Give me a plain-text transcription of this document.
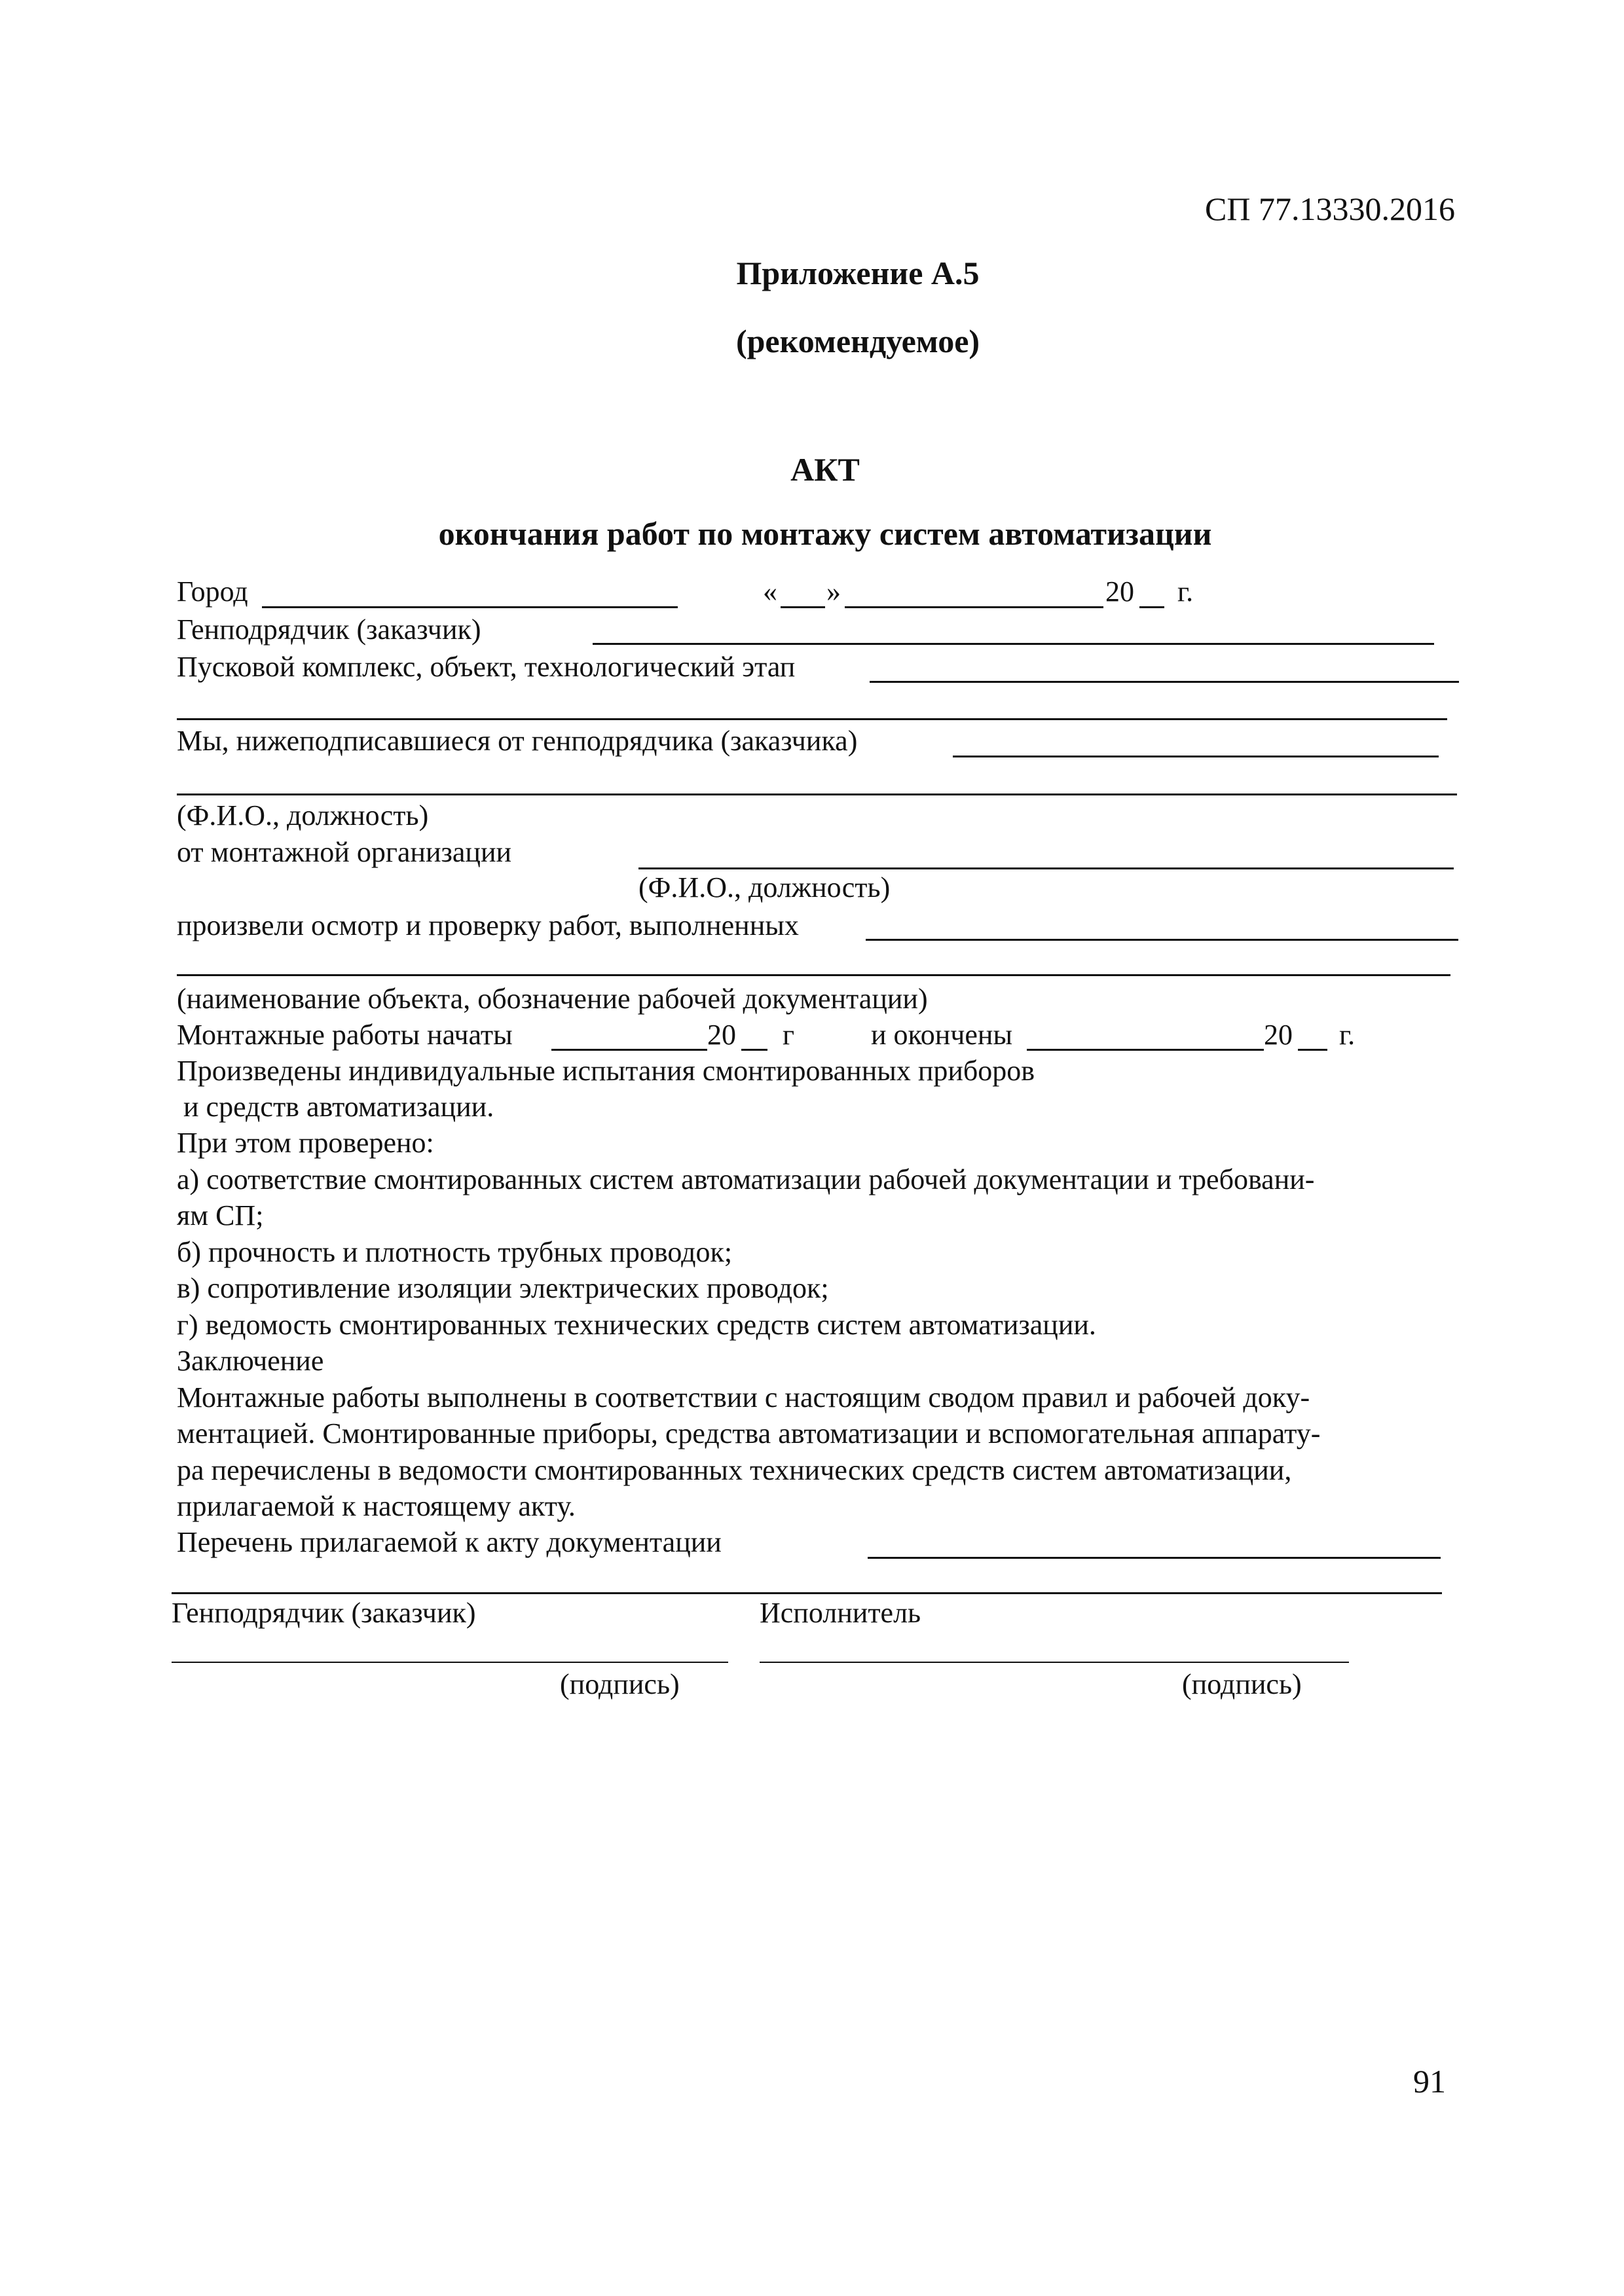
СП 77.13330.2016
Приложение А.5
(рекомендуемое)
АКТ
окончания работ по монтажу систем автоматизации
Город	« »	20 г.
Генподрядчик (заказчик)
Пусковой комплекс, объект, технологический этап
Мы, нижеподписавшиеся от генподрядчика (заказчика)
(Ф.И.О., должность)
от монтажной организации
(Ф.И.О., должность)
произвели осмотр и проверку работ, выполненных
(наименование объекта, обозначение рабочей документации)
Монтажные работы начаты	20 г	и окончены	20 г.
Произведены индивидуальные испытания смонтированных приборов
и средств автоматизации.
При этом проверено:
а) соответствие смонтированных систем автоматизации рабочей документации и требовани-
ям СП;
б) прочность и плотность трубных проводок;
в) сопротивление изоляции электрических проводок;
г) ведомость смонтированных технических средств систем автоматизации.
Заключение
Монтажные работы выполнены в соответствии с настоящим сводом правил и рабочей доку-
ментацией. Смонтированные приборы, средства автоматизации и вспомогательная аппарату-
ра перечислены в ведомости смонтированных технических средств систем автоматизации,
прилагаемой к настоящему акту.
Перечень прилагаемой к акту документации
Генподрядчик (заказчик)	Исполнитель
(подпись)	(подпись)
91
